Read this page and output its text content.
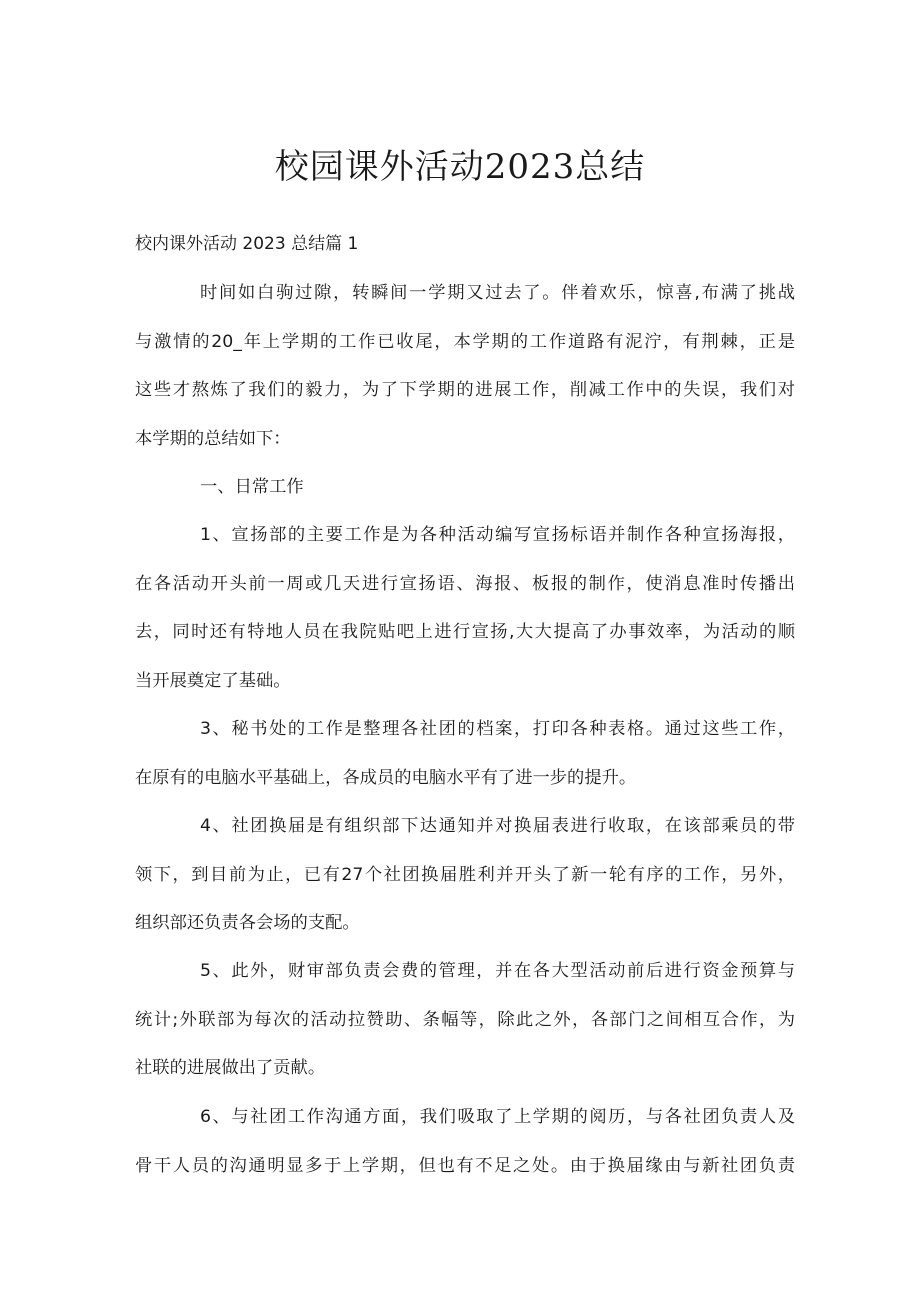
校园课外活动2023总结
校内课外活动 2023 总结篇 1
时间如白驹过隙，转瞬间一学期又过去了。伴着欢乐，惊喜,布满了挑战
与激情的20_年上学期的工作已收尾，本学期的工作道路有泥泞，有荆棘，正是
这些才熬炼了我们的毅力，为了下学期的进展工作，削减工作中的失误，我们对
本学期的总结如下：
一、日常工作
1、宣扬部的主要工作是为各种活动编写宣扬标语并制作各种宣扬海报，
在各活动开头前一周或几天进行宣扬语、海报、板报的制作，使消息准时传播出
去，同时还有特地人员在我院贴吧上进行宣扬,大大提高了办事效率，为活动的顺
当开展奠定了基础。
3、秘书处的工作是整理各社团的档案，打印各种表格。通过这些工作，
在原有的电脑水平基础上，各成员的电脑水平有了进一步的提升。
4、社团换届是有组织部下达通知并对换届表进行收取，在该部乘员的带
领下，到目前为止，已有27个社团换届胜利并开头了新一轮有序的工作，另外，
组织部还负责各会场的支配。
5、此外，财审部负责会费的管理，并在各大型活动前后进行资金预算与
统计;外联部为每次的活动拉赞助、条幅等，除此之外，各部门之间相互合作，为
社联的进展做出了贡献。
6、与社团工作沟通方面，我们吸取了上学期的阅历，与各社团负责人及
骨干人员的沟通明显多于上学期，但也有不足之处。由于换届缘由与新社团负责
